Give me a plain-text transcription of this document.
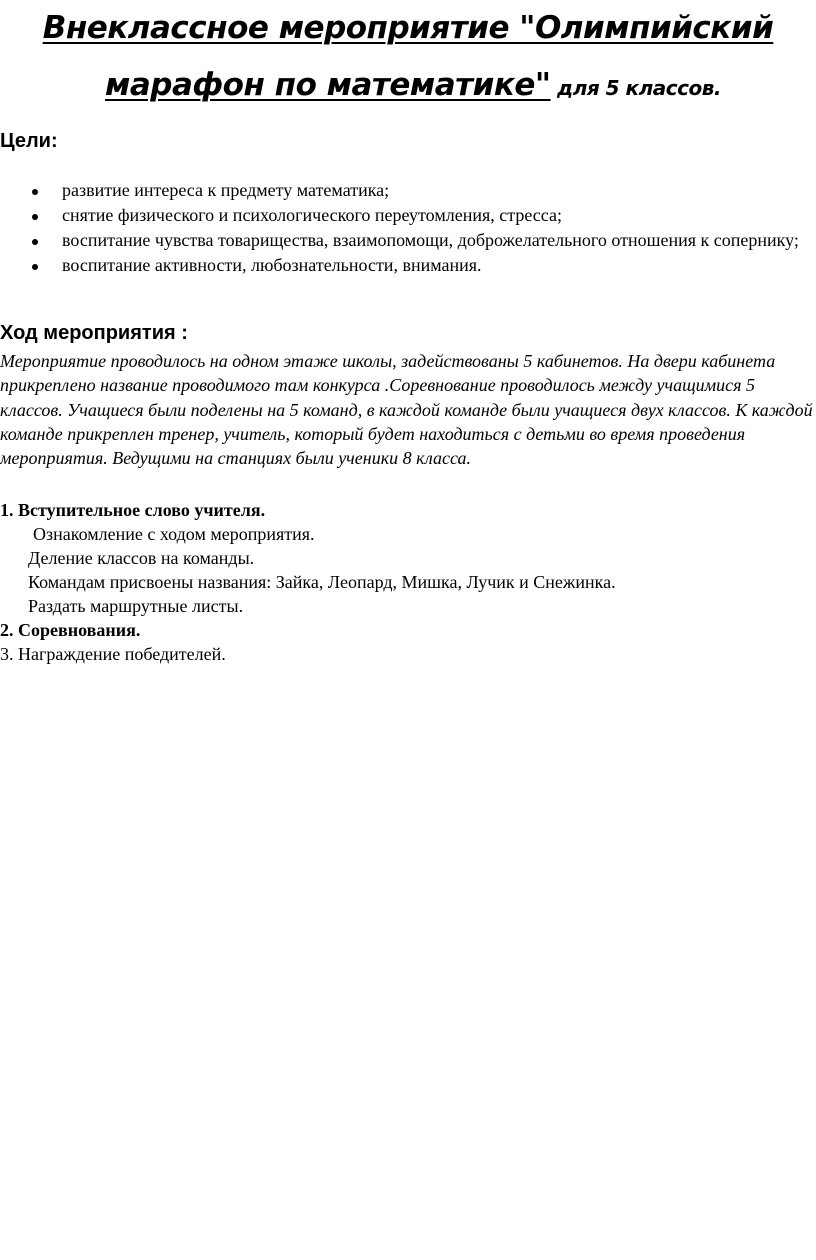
Внеклассное мероприятие "Олимпийский
марафон по математике" для 5 классов.
Цели:
развитие интереса к предмету математика;
снятие физического и психологического переутомления, стресса;
воспитание чувства товарищества, взаимопомощи, доброжелательного отношения к сопернику;
воспитание активности, любознательности, внимания.
Ход мероприятия :

Мероприятие проводилось на одном этаже школы, задействованы 5 кабинетов. На двери кабинета прикреплено название проводимого там конкурса .Соревнование проводилось между учащимися 5 классов. Учащиеся были поделены на 5 команд, в каждой команде были учащиеся двух классов. К каждой команде прикреплен тренер, учитель, который будет находиться с детьми во время проведения мероприятия. Ведущими на станциях были ученики 8 класса.

1. Вступительное слово учителя.
Ознакомление с ходом мероприятия.
Деление классов на команды.
Командам присвоены названия: Зайка, Леопард, Мишка, Лучик и Снежинка.
Раздать маршрутные листы.
2. Соревнования.
3. Награждение победителей.
